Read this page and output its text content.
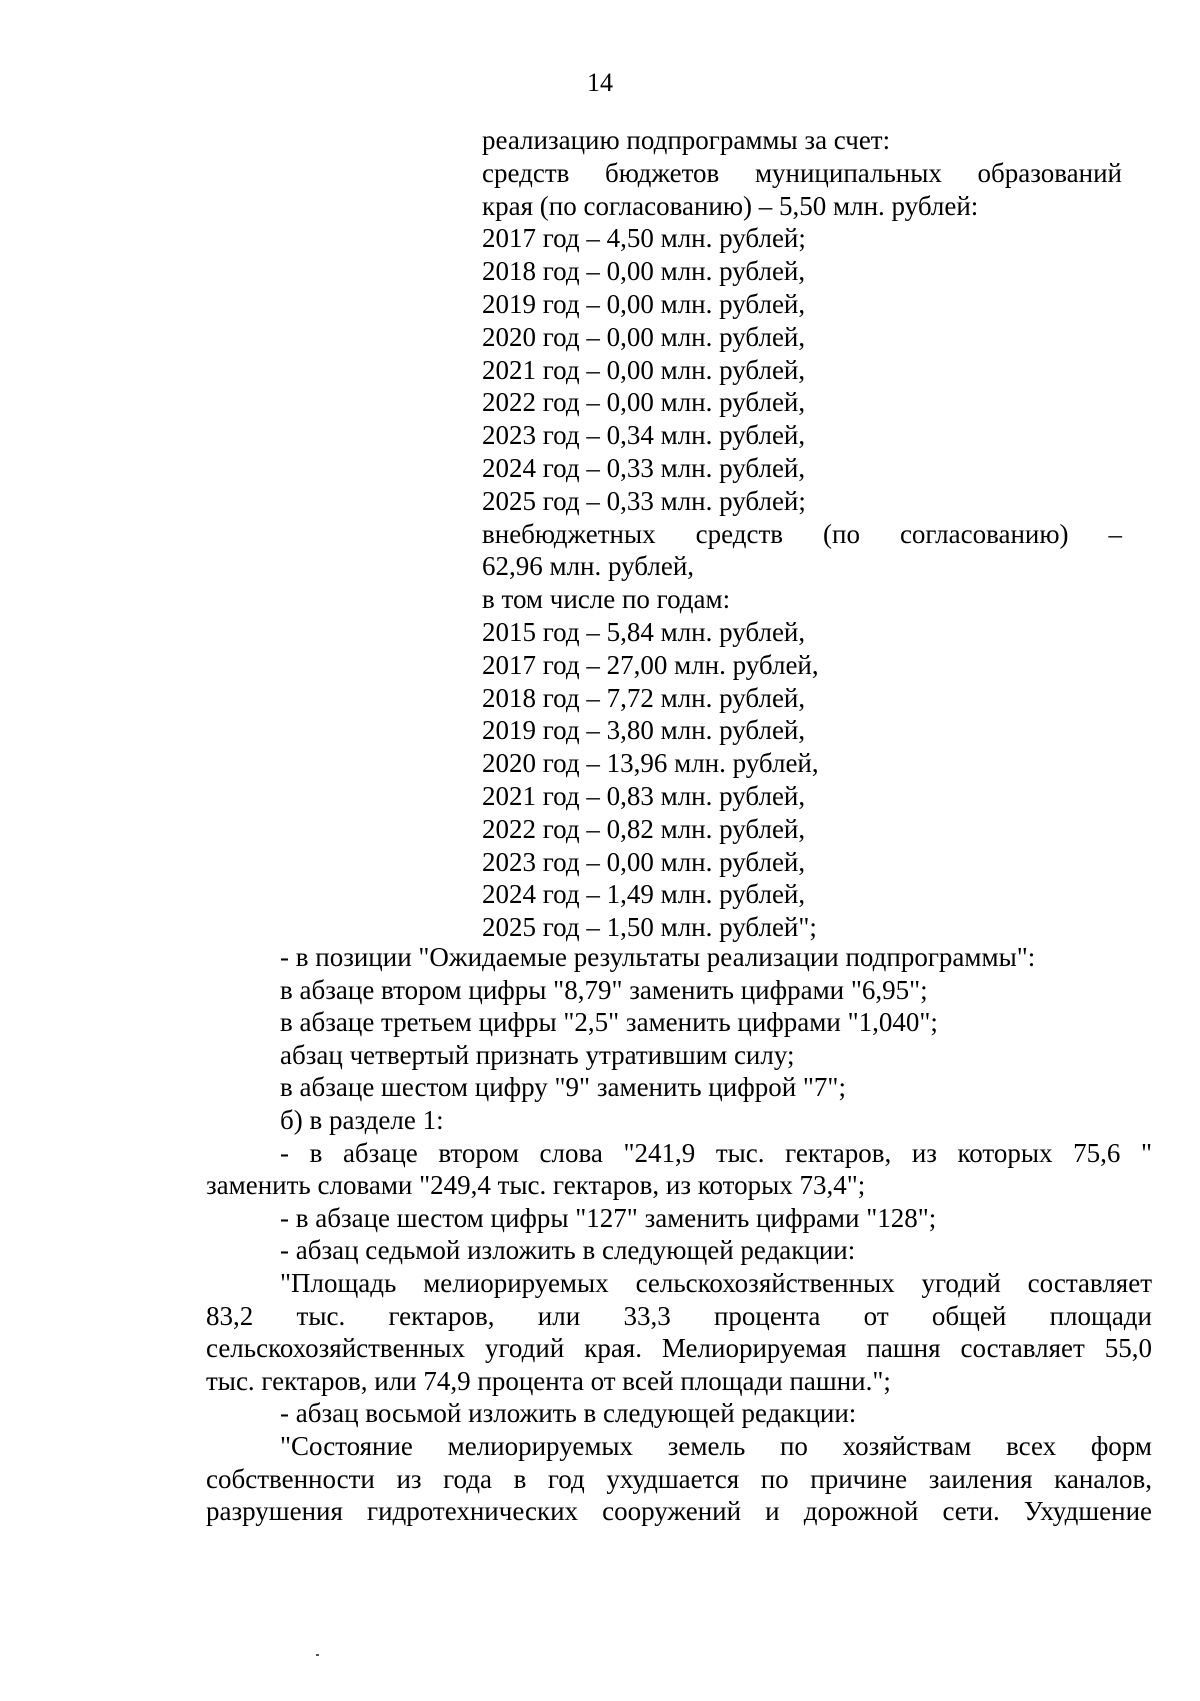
14
реализацию подпрограммы за счет:
средств бюджетов муниципальных образований
края (по согласованию) – 5,50 млн. рублей:
2017 год – 4,50 млн. рублей;
2018 год – 0,00 млн. рублей,
2019 год – 0,00 млн. рублей,
2020 год – 0,00 млн. рублей,
2021 год – 0,00 млн. рублей,
2022 год – 0,00 млн. рублей,
2023 год – 0,34 млн. рублей,
2024 год – 0,33 млн. рублей,
2025 год – 0,33 млн. рублей;
внебюджетных средств (по согласованию) –
62,96 млн. рублей,
в том числе по годам:
2015 год – 5,84 млн. рублей,
2017 год – 27,00 млн. рублей,
2018 год – 7,72 млн. рублей,
2019 год – 3,80 млн. рублей,
2020 год – 13,96 млн. рублей,
2021 год – 0,83 млн. рублей,
2022 год – 0,82 млн. рублей,
2023 год – 0,00 млн. рублей,
2024 год – 1,49 млн. рублей,
2025 год – 1,50 млн. рублей";
- в позиции "Ожидаемые результаты реализации подпрограммы":
в абзаце втором цифры "8,79" заменить цифрами "6,95";
в абзаце третьем цифры "2,5" заменить цифрами "1,040";
абзац четвертый признать утратившим силу;
в абзаце шестом цифру "9" заменить цифрой "7";
б) в разделе 1:
- в абзаце втором слова "241,9 тыс. гектаров, из которых 75,6 "
заменить словами "249,4 тыс. гектаров, из которых 73,4";
- в абзаце шестом цифры "127" заменить цифрами "128";
- абзац седьмой изложить в следующей редакции:
"Площадь мелиорируемых сельскохозяйственных угодий составляет
83,2 тыс. гектаров, или 33,3 процента от общей площади
сельскохозяйственных угодий края. Мелиорируемая пашня составляет 55,0
тыс. гектаров, или 74,9 процента от всей площади пашни.";
- абзац восьмой изложить в следующей редакции:
"Состояние мелиорируемых земель по хозяйствам всех форм
собственности из года в год ухудшается по причине заиления каналов,
разрушения гидротехнических сооружений и дорожной сети. Ухудшение
